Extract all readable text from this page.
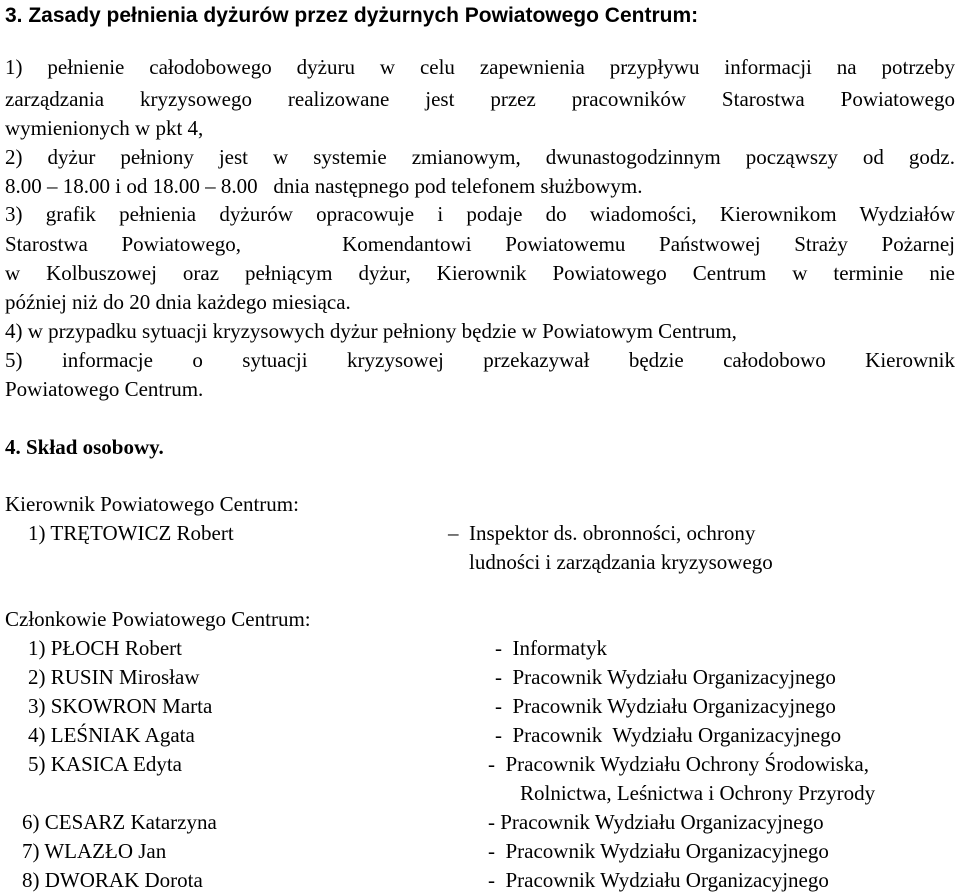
3. Zasady pełnienia dyżurów przez dyżurnych Powiatowego Centrum:
1) pełnienie całodobowego dyżuru w celu zapewnienia przypływu informacji na potrzeby
zarządzania kryzysowego realizowane jest przez pracowników Starostwa Powiatowego
wymienionych w pkt 4,
2) dyżur pełniony jest w systemie zmianowym, dwunastogodzinnym począwszy od godz.
8.00 – 18.00 i od 18.00 – 8.00   dnia następnego pod telefonem służbowym.
3) grafik pełnienia dyżurów opracowuje i podaje do wiadomości, Kierownikom Wydziałów
Starostwa Powiatowego,   Komendantowi Powiatowemu Państwowej Straży Pożarnej
w Kolbuszowej oraz pełniącym dyżur, Kierownik Powiatowego Centrum w terminie nie
później niż do 20 dnia każdego miesiąca.
4) w przypadku sytuacji kryzysowych dyżur pełniony będzie w Powiatowym Centrum,
5) informacje o sytuacji kryzysowej przekazywał będzie całodobowo Kierownik
Powiatowego Centrum.
4. Skład osobowy.
Kierownik Powiatowego Centrum:
1) TRĘTOWICZ Robert	–  Inspektor ds. obronności, ochrony
ludności i zarządzania kryzysowego
Członkowie Powiatowego Centrum:
1) PŁOCH Robert	-  Informatyk
2) RUSIN Mirosław	-  Pracownik Wydziału Organizacyjnego
3) SKOWRON Marta	-  Pracownik Wydziału Organizacyjnego
4) LEŚNIAK Agata	-  Pracownik  Wydziału Organizacyjnego
5) KASICA Edyta	-  Pracownik Wydziału Ochrony Środowiska,
Rolnictwa, Leśnictwa i Ochrony Przyrody
6) CESARZ Katarzyna	- Pracownik Wydziału Organizacyjnego
7) WLAZŁO Jan	-  Pracownik Wydziału Organizacyjnego
8) DWORAK Dorota	-  Pracownik Wydziału Organizacyjnego
